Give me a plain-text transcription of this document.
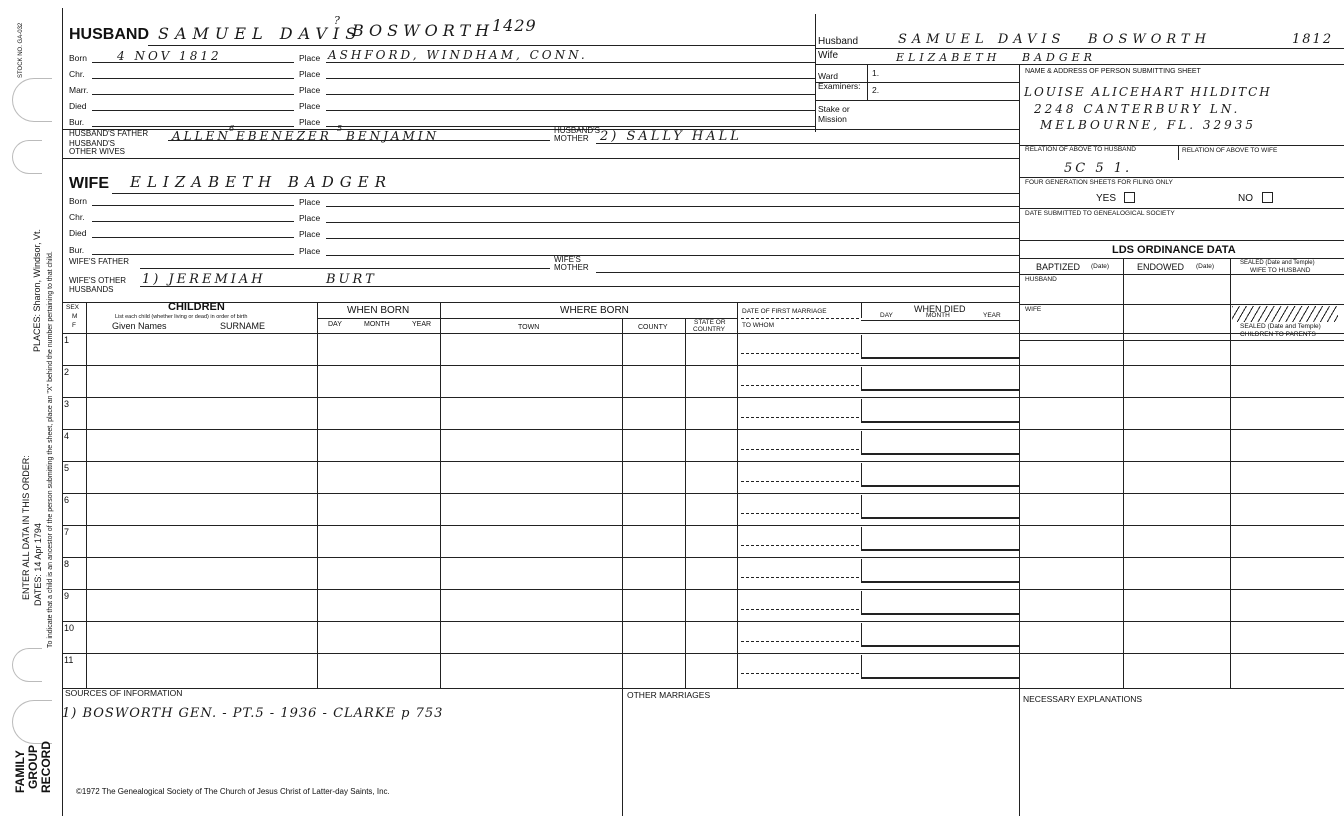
STOCK NO. GA-032
PLACES: Sharon, Windsor, Vt.
ENTER ALL DATA IN THIS ORDER: DATES: 14 Apr 1794 To indicate that a child is an ancestor of the person submitting the sheet, place an "X" behind the number pertaining to that child.
FAMILY GROUP RECORD
HUSBAND SAMUEL DAVIS
?
BOSWORTH
1429
Born	4 NOV 1812	Place ASHFORD, WINDHAM, CONN.
Chr.	Place
Marr.	Place
Died	Place
Bur.	Place
HUSBAND'S FATHER ALLEN
6
EBENEZER
5
BENJAMIN	HUSBAND'S
MOTHER 2) SALLY HALL
HUSBAND'S
OTHER WIVES
WIFE ELIZABETH BADGER
Born	Place
Chr.	Place
Died	Place
Bur.	Place
WIFE'S FATHER	WIFE'S
MOTHER
WIFE'S OTHER
HUSBANDS
1) JEREMIAH	BURT
Husband	SAMUEL DAVIS BOSWORTH	1812
Wife	ELIZABETH BADGER
Ward
Examiners:
1.
2.
Stake or
Mission
NAME & ADDRESS OF PERSON SUBMITTING SHEET
LOUISE ALICEHART HILDITCH
2248 CANTERBURY LN.
MELBOURNE, FL. 32935
RELATION OF ABOVE TO HUSBAND	RELATION OF ABOVE TO WIFE
5C 5 1.
FOUR GENERATION SHEETS FOR FILING ONLY
YES	NO
DATE SUBMITTED TO GENEALOGICAL SOCIETY
LDS ORDINANCE DATA
BAPTIZED (Date)	ENDOWED (Date)	SEALED (Date and Temple)
WIFE TO HUSBAND
HUSBAND
WIFE
SEALED (Date and Temple)
CHILDREN TO PARENTS
SEX
M
F
CHILDREN
List each child (whether living or dead) in order of birth
Given Names	SURNAME
WHEN BORN
DAY	MONTH	YEAR
WHERE BORN
TOWN	COUNTY
STATE OR
COUNTRY
DATE OF FIRST MARRIAGE
TO WHOM
WHEN DIED
DAY	MONTH	YEAR
1
2
3
4
5
6
7
8
9
10
11
SOURCES OF INFORMATION
1) BOSWORTH GEN. - PT.5 - 1936 - CLARKE p 753
OTHER MARRIAGES	NECESSARY EXPLANATIONS
©1972 The Genealogical Society of The Church of Jesus Christ of Latter-day Saints, Inc.
